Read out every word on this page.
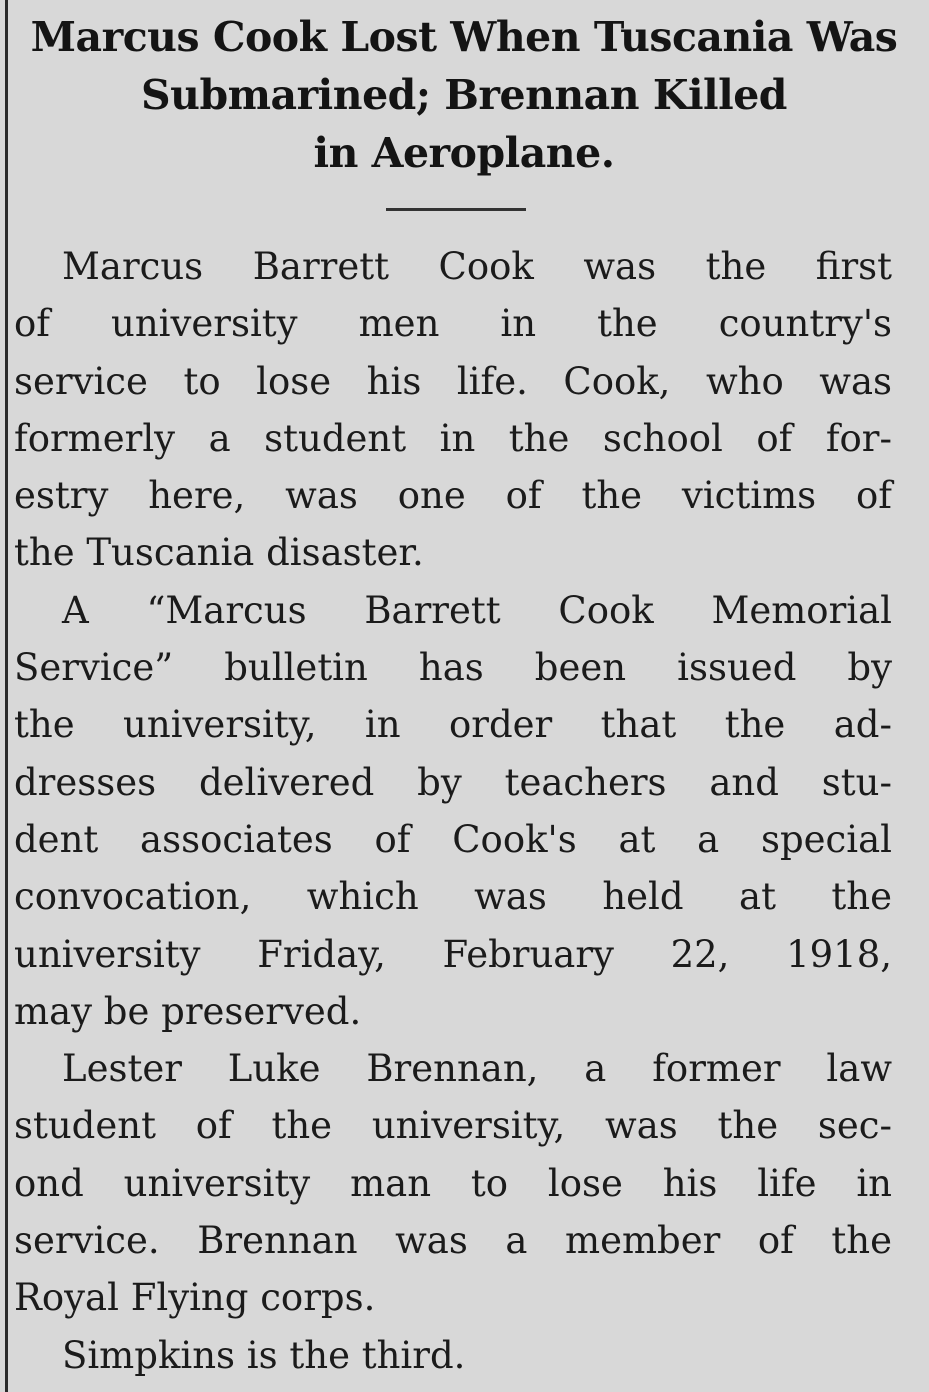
Marcus Cook Lost When Tuscania Was
Submarined; Brennan Killed
in Aeroplane.
Marcus Barrett Cook was the first
of university men in the country's
service to lose his life. Cook, who was
formerly a student in the school of for-
estry here, was one of the victims of
the Tuscania disaster.
A “Marcus Barrett Cook Memorial
Service” bulletin has been issued by
the university, in order that the ad-
dresses delivered by teachers and stu-
dent associates of Cook's at a special
convocation, which was held at the
university Friday, February 22, 1918,
may be preserved.
Lester Luke Brennan, a former law
student of the university, was the sec-
ond university man to lose his life in
service. Brennan was a member of the
Royal Flying corps.
Simpkins is the third.
